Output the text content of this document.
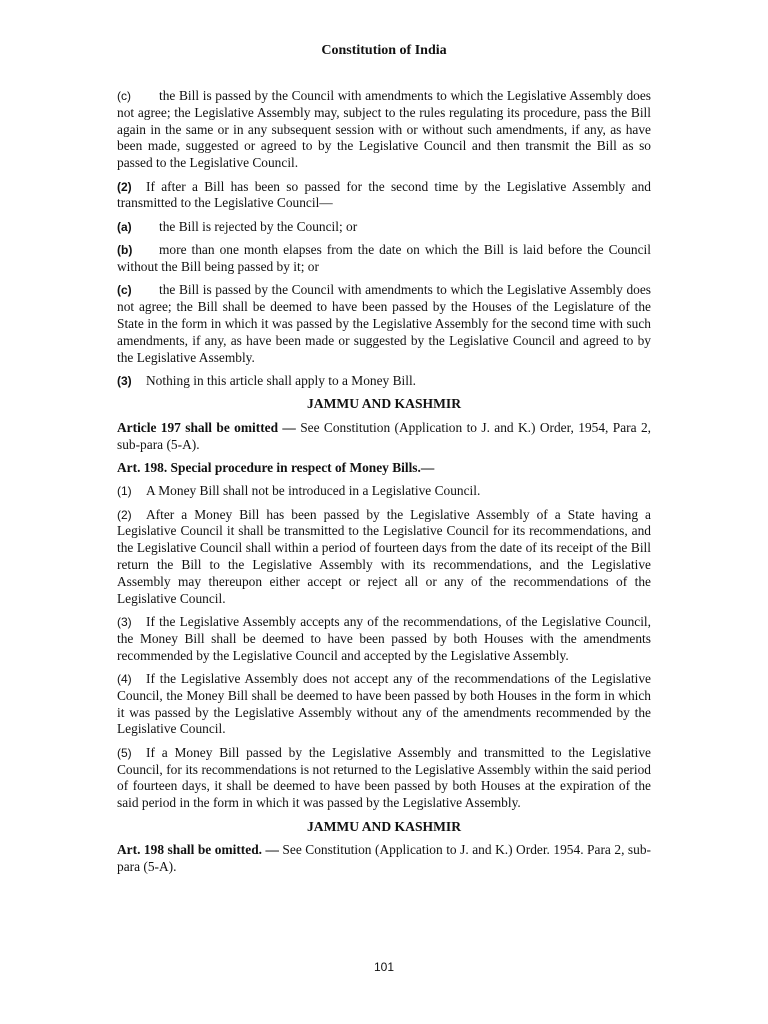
Constitution of India

(c) the Bill is passed by the Council with amendments to which the Legislative Assembly does not agree; the Legislative Assembly may, subject to the rules regulating its procedure, pass the Bill again in the same or in any subsequent session with or without such amendments, if any, as have been made, suggested or agreed to by the Legislative Council and then transmit the Bill as so passed to the Legislative Council.

(2) If after a Bill has been so passed for the second time by the Legislative Assembly and transmitted to the Legislative Council—

(a) the Bill is rejected by the Council; or

(b) more than one month elapses from the date on which the Bill is laid before the Council without the Bill being passed by it; or

(c) the Bill is passed by the Council with amendments to which the Legislative Assembly does not agree; the Bill shall be deemed to have been passed by the Houses of the Legislature of the State in the form in which it was passed by the Legislative Assembly for the second time with such amendments, if any, as have been made or suggested by the Legislative Council and agreed to by the Legislative Assembly.

(3) Nothing in this article shall apply to a Money Bill.

JAMMU AND KASHMIR

Article 197 shall be omitted — See Constitution (Application to J. and K.) Order, 1954, Para 2, sub-para (5-A).

Art. 198. Special procedure in respect of Money Bills.—

(1) A Money Bill shall not be introduced in a Legislative Council.

(2) After a Money Bill has been passed by the Legislative Assembly of a State having a Legislative Council it shall be transmitted to the Legislative Council for its recommendations, and the Legislative Council shall within a period of fourteen days from the date of its receipt of the Bill return the Bill to the Legislative Assembly with its recommendations, and the Legislative Assembly may thereupon either accept or reject all or any of the recommendations of the Legislative Council.

(3) If the Legislative Assembly accepts any of the recommendations, of the Legislative Council, the Money Bill shall be deemed to have been passed by both Houses with the amendments recommended by the Legislative Council and accepted by the Legislative Assembly.

(4) If the Legislative Assembly does not accept any of the recommendations of the Legislative Council, the Money Bill shall be deemed to have been passed by both Houses in the form in which it was passed by the Legislative Assembly without any of the amendments recommended by the Legislative Council.

(5) If a Money Bill passed by the Legislative Assembly and transmitted to the Legislative Council, for its recommendations is not returned to the Legislative Assembly within the said period of fourteen days, it shall be deemed to have been passed by both Houses at the expiration of the said period in the form in which it was passed by the Legislative Assembly.

JAMMU AND KASHMIR

Art. 198 shall be omitted. — See Constitution (Application to J. and K.) Order. 1954. Para 2, sub-para (5-A).

101
